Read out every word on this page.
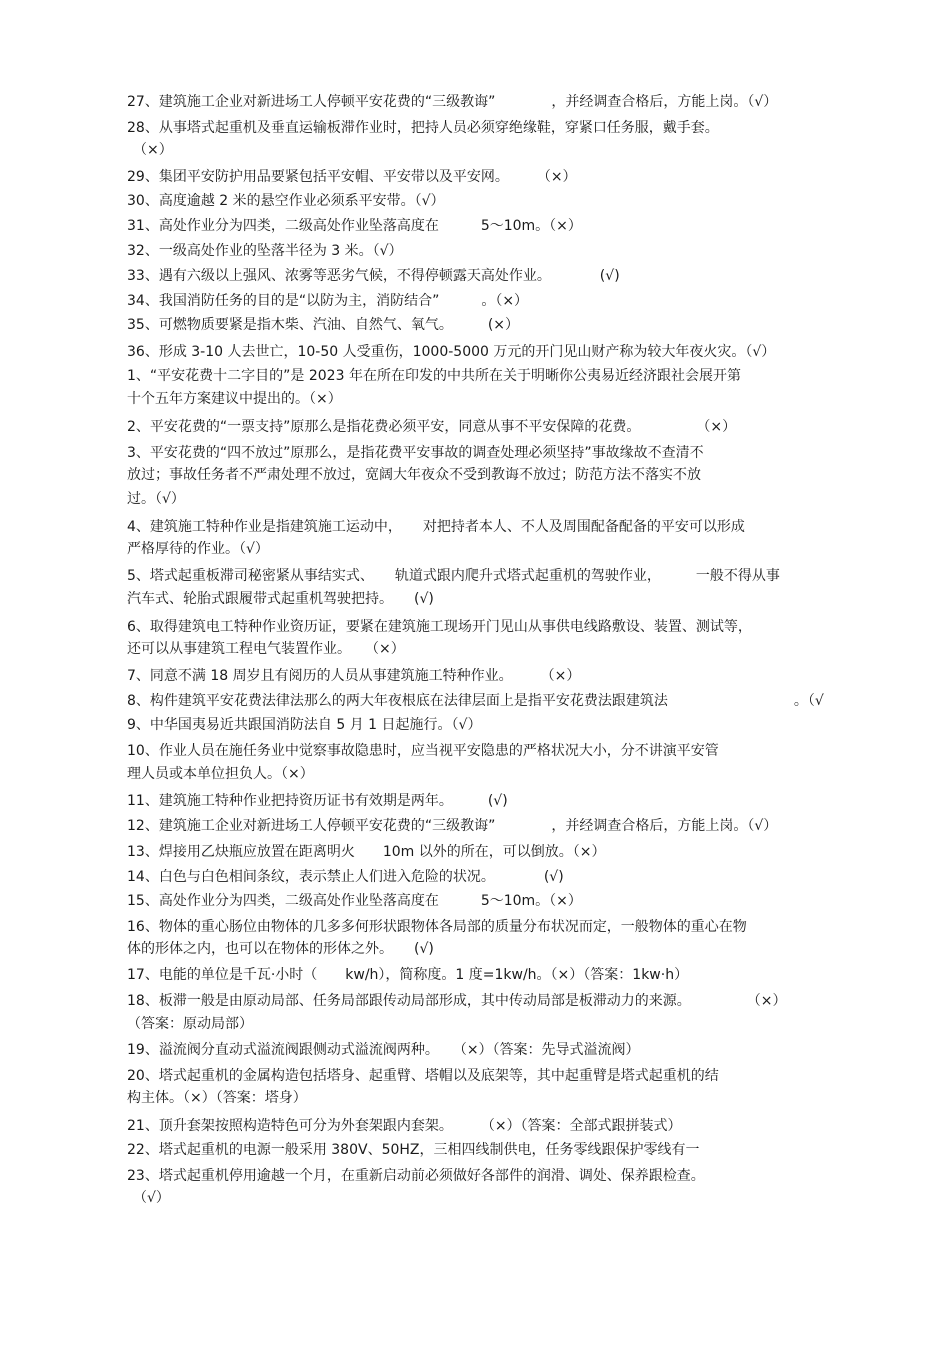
27、建筑施工企业对新进场工人停顿平安花费的“三级教诲”　　　　，并经调查合格后，方能上岗。（√）

28、从事塔式起重机及垂直运输板滞作业时，把持人员必须穿绝缘鞋，穿紧口任务服，戴手套。

（×）

29、集团平安防护用品要紧包括平安帽、平安带以及平安网。　　　（×）

30、高度逾越 2 米的悬空作业必须系平安带。（√）

31、高处作业分为四类，二级高处作业坠落高度在　　　5～10m。（×）

32、一级高处作业的坠落半径为 3 米。（√）

33、遇有六级以上强风、浓雾等恶劣气候，不得停顿露天高处作业。　　　　(√)

34、我国消防任务的目的是“以防为主，消防结合”　　　。（×）

35、可燃物质要紧是指木柴、汽油、自然气、氧气。　　　(×）

36、形成 3-10 人去世亡，10-50 人受重伤，1000-5000 万元的开门见山财产称为较大年夜火灾。（√）

1、“平安花费十二字目的”是 2023 年在所在印发的中共所在关于明晰你公夷易近经济跟社会展开第

十个五年方案建议中提出的。（×）

2、平安花费的“一票支持”原那么是指花费必须平安，同意从事不平安保障的花费。　　　　　（×）

3、平安花费的“四不放过”原那么，是指花费平安事故的调查处理必须坚持”事故缘故不查清不

放过；事故任务者不严肃处理不放过，宽阔大年夜众不受到教诲不放过；防范方法不落实不放

过。（√）

4、建筑施工特种作业是指建筑施工运动中，　　对把持者本人、不人及周围配备配备的平安可以形成

严格厚待的作业。（√）

5、塔式起重板滞司秘密紧从事结实式、　　轨道式跟内爬升式塔式起重机的驾驶作业，　　　一般不得从事

汽车式、轮胎式跟履带式起重机驾驶把持。　　(√)

6、取得建筑电工特种作业资历证，要紧在建筑施工现场开门见山从事供电线路敷设、装置、测试等，

还可以从事建筑工程电气装置作业。　　（×）

7、同意不满 18 周岁且有阅历的人员从事建筑施工特种作业。　　　（×）

8、构件建筑平安花费法律法那么的两大年夜根底在法律层面上是指平安花费法跟建筑法　　　　　　　　　。（√

9、中华国夷易近共跟国消防法自 5 月 1 日起施行。（√）

10、作业人员在施任务业中觉察事故隐患时，应当视平安隐患的严格状况大小，分不讲演平安管

理人员或本单位担负人。（×）

11、建筑施工特种作业把持资历证书有效期是两年。　　　(√)

12、建筑施工企业对新进场工人停顿平安花费的“三级教诲”　　　　，并经调查合格后，方能上岗。（√）

13、焊接用乙炔瓶应放置在距离明火　　10m 以外的所在，可以倒放。（×）

14、白色与白色相间条纹，表示禁止人们进入危险的状况。　　　　(√)

15、高处作业分为四类，二级高处作业坠落高度在　　　5～10m。（×）

16、物体的重心肠位由物体的几多多何形状跟物体各局部的质量分布状况而定，一般物体的重心在物

体的形体之内，也可以在物体的形体之外。　　(√)

17、电能的单位是千瓦·小时（　　kw/h），简称度。1 度=1kw/h。（×）（答案：1kw·h）

18、板滞一般是由原动局部、任务局部跟传动局部形成，其中传动局部是板滞动力的来源。　　　　　（×）

（答案：原动局部）

19、溢流阀分直动式溢流阀跟侧动式溢流阀两种。　　（×）（答案：先导式溢流阀）

20、塔式起重机的金属构造包括塔身、起重臂、塔帽以及底架等，其中起重臂是塔式起重机的结

构主体。（×）（答案：塔身）

21、顶升套架按照构造特色可分为外套架跟内套架。　　　（×）（答案：全部式跟拼装式）

22、塔式起重机的电源一般采用 380V、50HZ，三相四线制供电，任务零线跟保护零线有一

23、塔式起重机停用逾越一个月，在重新启动前必须做好各部件的润滑、调处、保养跟检查。

（√）
